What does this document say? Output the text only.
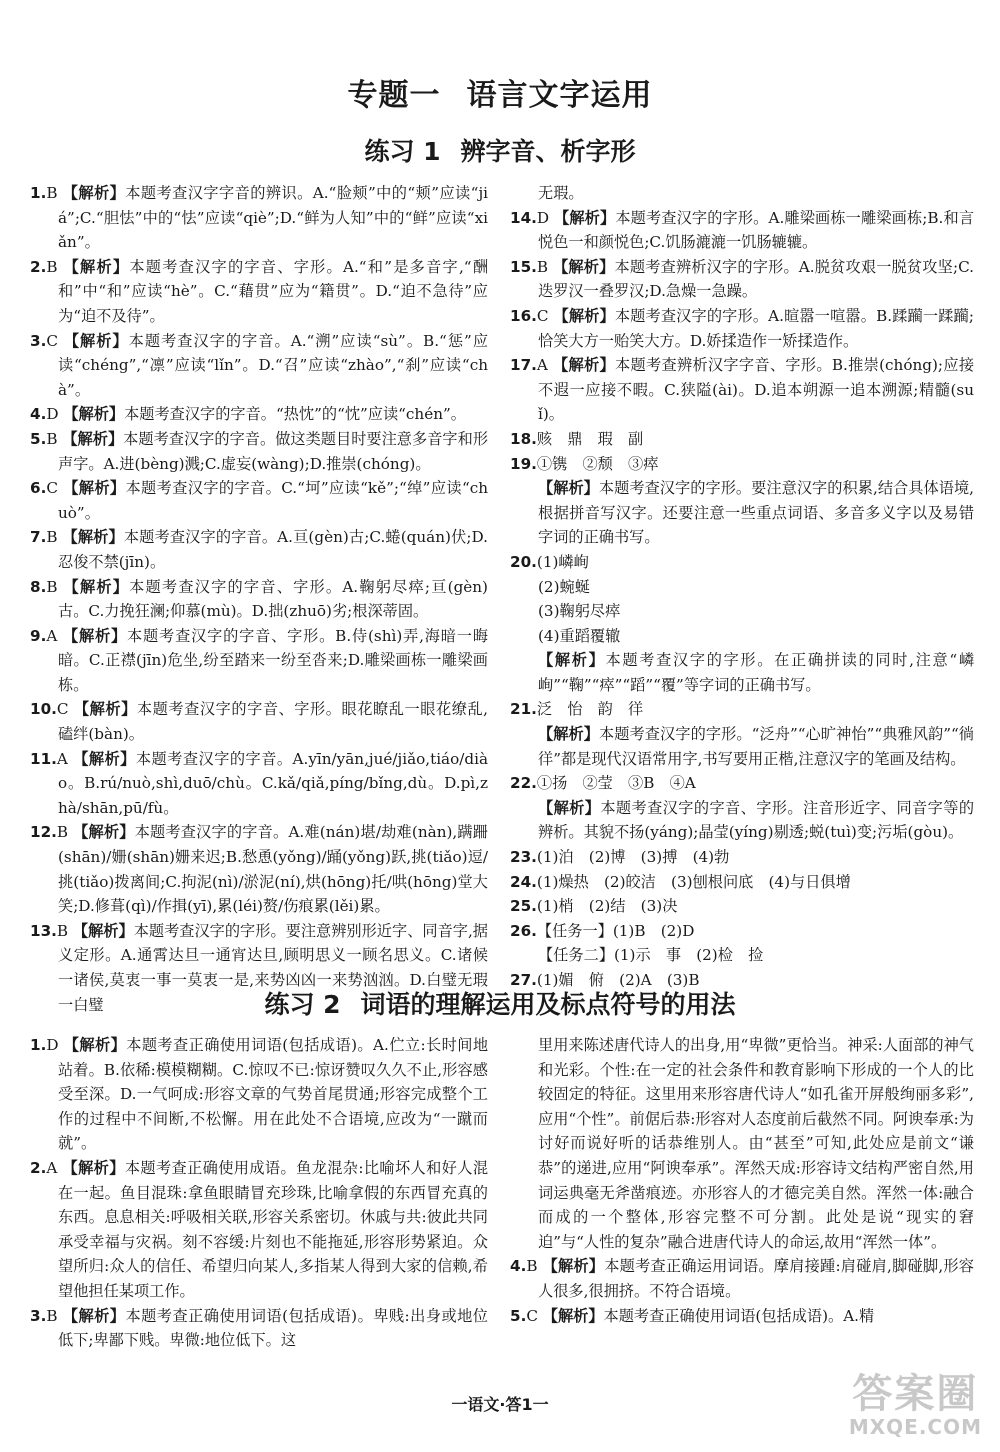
专题一 语言文字运用
练习 1 辨字音、析字形
1.B 【解析】本题考查汉字字音的辨识。A.“脸颊”中的“颊”应读“jiá”;C.“胆怯”中的“怯”应读“qiè”;D.“鲜为人知”中的“鲜”应读“xiǎn”。
2.B 【解析】本题考查汉字的字音、字形。A.“和”是多音字,“酬和”中“和”应读“hè”。C.“藉贯”应为“籍贯”。D.“迫不急待”应为“迫不及待”。
3.C 【解析】本题考查汉字的字音。A.“溯”应读“sù”。B.“惩”应读“chéng”,“凛”应读“lǐn”。D.“召”应读“zhào”,“刹”应读“chà”。
4.D 【解析】本题考查汉字的字音。“热忱”的“忱”应读“chén”。
5.B 【解析】本题考查汉字的字音。做这类题目时要注意多音字和形声字。A.进(bèng)溅;C.虚妄(wàng);D.推崇(chóng)。
6.C 【解析】本题考查汉字的字音。C.“坷”应读“kě”;“绰”应读“chuò”。
7.B 【解析】本题考查汉字的字音。A.亘(gèn)古;C.蜷(quán)伏;D.忍俊不禁(jīn)。
8.B 【解析】本题考查汉字的字音、字形。A.鞠躬尽瘁;亘(gèn)古。C.力挽狂澜;仰慕(mù)。D.拙(zhuō)劣;根深蒂固。
9.A 【解析】本题考查汉字的字音、字形。B.侍(shì)弄,海暗一晦暗。C.正襟(jīn)危坐,纷至踏来一纷至沓来;D.雕梁画栋一雕梁画栋。
10.C 【解析】本题考查汉字的字音、字形。眼花瞭乱一眼花缭乱,磕绊(bàn)。
11.A 【解析】本题考查汉字的字音。A.yīn/yān,jué/jiǎo,tiáo/diào。B.rú/nuò,shì,duō/chù。C.kǎ/qiǎ,píng/bǐng,dù。D.pì,zhà/shān,pū/fù。
12.B 【解析】本题考查汉字的字音。A.难(nán)堪/劫难(nàn),蹒跚(shān)/姗(shān)姗来迟;B.愁恿(yǒng)/踊(yǒng)跃,挑(tiǎo)逗/挑(tiǎo)拨离间;C.拘泥(nì)/淤泥(ní),烘(hōng)托/哄(hōng)堂大笑;D.修葺(qì)/作揖(yī),累(léi)赘/伤痕累(lěi)累。
13.B 【解析】本题考查汉字的字形。要注意辨别形近字、同音字,据义定形。A.通霄达旦一通宵达旦,顾明思义一顾名思义。C.诸候一诸侯,莫衷一事一莫衷一是,来势凶凶一来势汹汹。D.白璧无瑕一白璧
无瑕。
14.D 【解析】本题考查汉字的字形。A.雕梁画栋一雕梁画栋;B.和言悦色一和颜悦色;C.饥肠漉漉一饥肠辘辘。
15.B 【解析】本题考查辨析汉字的字形。A.脱贫攻艰一脱贫攻坚;C.迭罗汉一叠罗汉;D.急燥一急躁。
16.C 【解析】本题考查汉字的字形。A.暄嚣一喧嚣。B.蹂躏一蹂躏;恰笑大方一贻笑大方。D.娇揉造作一矫揉造作。
17.A 【解析】本题考查辨析汉字字音、字形。B.推崇(chóng);应接不遐一应接不暇。C.狭隘(ài)。D.追本朔源一追本溯源;精髓(suǐ)。
18.赅　鼎　瑕　副
19.①镌　②颓　③瘁
【解析】本题考查汉字的字形。要注意汉字的积累,结合具体语境,根据拼音写汉字。还要注意一些重点词语、多音多义字以及易错字词的正确书写。
20.(1)嶙峋
(2)蜿蜒
(3)鞠躬尽瘁
(4)重蹈覆辙
【解析】本题考查汉字的字形。在正确拼读的同时,注意“嶙峋”“鞠”“瘁”“蹈”“覆”等字词的正确书写。
21.泛　怡　韵　徉
【解析】本题考查汉字的字形。“泛舟”“心旷神怡”“典雅风韵”“徜徉”都是现代汉语常用字,书写要用正楷,注意汉字的笔画及结构。
22.①扬　②莹　③B　④A
【解析】本题考查汉字的字音、字形。注音形近字、同音字等的辨析。其貌不扬(yáng);晶莹(yíng)剔透;蜕(tuì)变;污垢(gòu)。
23.(1)泊　(2)博　(3)搏　(4)勃
24.(1)燥热　(2)皎洁　(3)刨根问底　(4)与日俱增
25.(1)梢　(2)结　(3)决
26.【任务一】(1)B　(2)D
【任务二】(1)示　事　(2)检　捡
27.(1)媚　俯　(2)A　(3)B
练习 2 词语的理解运用及标点符号的用法
1.D 【解析】本题考查正确使用词语(包括成语)。A.伫立:长时间地站着。B.依稀:模模糊糊。C.惊叹不已:惊讶赞叹久久不止,形容感受至深。D.一气呵成:形容文章的气势首尾贯通;形容完成整个工作的过程中不间断,不松懈。用在此处不合语境,应改为“一蹴而就”。
2.A 【解析】本题考查正确使用成语。鱼龙混杂:比喻坏人和好人混在一起。鱼目混珠:拿鱼眼睛冒充珍珠,比喻拿假的东西冒充真的东西。息息相关:呼吸相关联,形容关系密切。休戚与共:彼此共同承受幸福与灾祸。刻不容缓:片刻也不能拖延,形容形势紧迫。众望所归:众人的信任、希望归向某人,多指某人得到大家的信赖,希望他担任某项工作。
3.B 【解析】本题考查正确使用词语(包括成语)。卑贱:出身或地位低下;卑鄙下贱。卑微:地位低下。这
里用来陈述唐代诗人的出身,用“卑微”更恰当。神采:人面部的神气和光彩。个性:在一定的社会条件和教育影响下形成的一个人的比较固定的特征。这里用来形容唐代诗人“如孔雀开屏般绚丽多彩”,应用“个性”。前倨后恭:形容对人态度前后截然不同。阿谀奉承:为讨好而说好听的话恭维别人。由“甚至”可知,此处应是前文“谦恭”的递进,应用“阿谀奉承”。浑然天成:形容诗文结构严密自然,用词运典毫无斧凿痕迹。亦形容人的才德完美自然。浑然一体:融合而成的一个整体,形容完整不可分割。此处是说“现实的窘迫”与“人性的复杂”融合进唐代诗人的命运,故用“浑然一体”。
4.B 【解析】本题考查正确运用词语。摩肩接踵:肩碰肩,脚碰脚,形容人很多,很拥挤。不符合语境。
5.C 【解析】本题考查正确使用词语(包括成语)。A.精
一语文·答1一	答案圈
MXQE.COM
